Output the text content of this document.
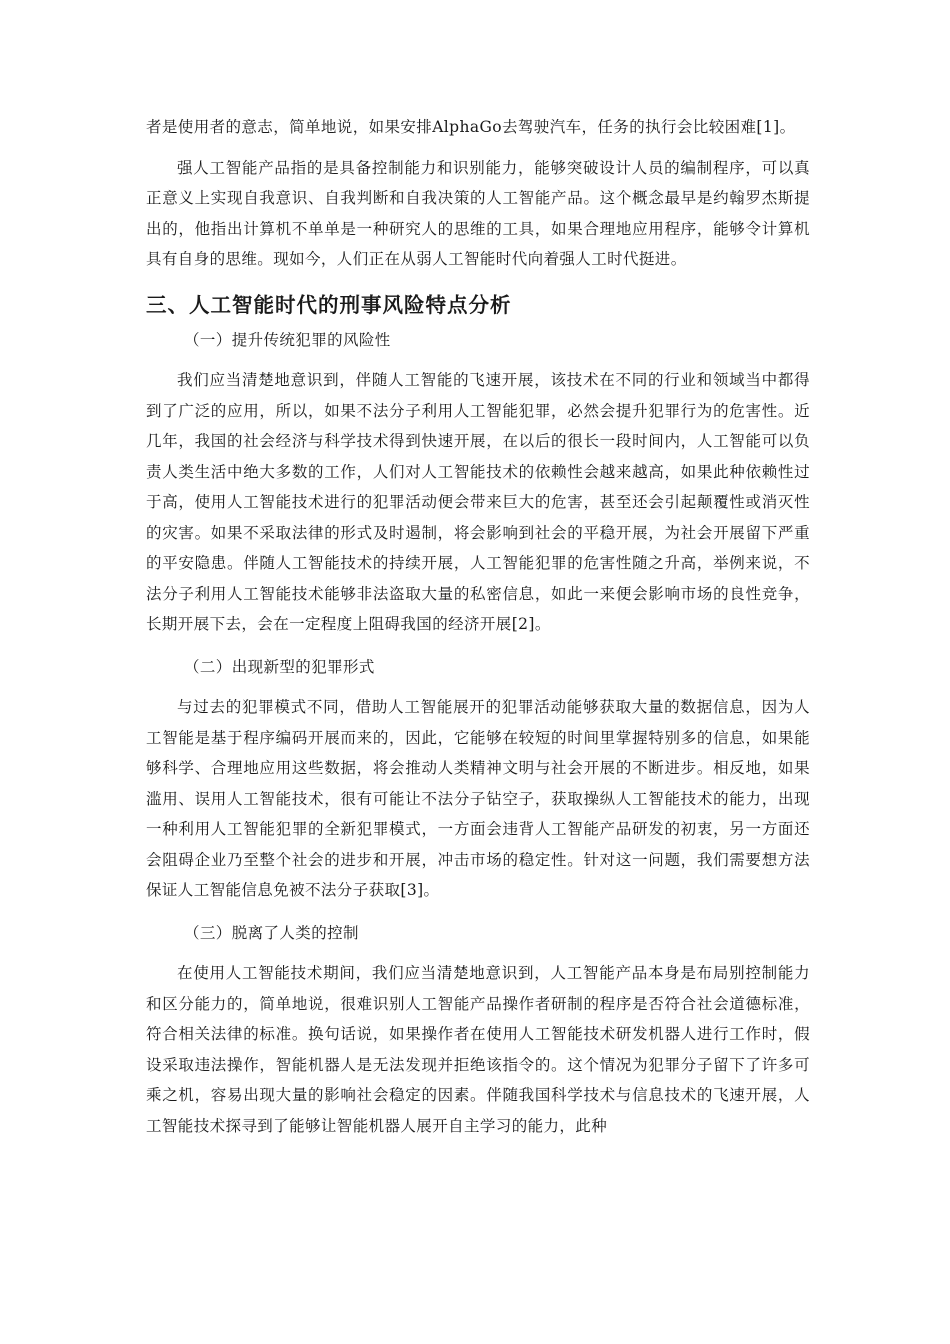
者是使用者的意志，简单地说，如果安排AlphaGo去驾驶汽车，任务的执行会比较困难[1]。

强人工智能产品指的是具备控制能力和识别能力，能够突破设计人员的编制程序，可以真正意义上实现自我意识、自我判断和自我决策的人工智能产品。这个概念最早是约翰罗杰斯提出的，他指出计算机不单单是一种研究人的思维的工具，如果合理地应用程序，能够令计算机具有自身的思维。现如今，人们正在从弱人工智能时代向着强人工时代挺进。

三、人工智能时代的刑事风险特点分析

（一）提升传统犯罪的风险性

我们应当清楚地意识到，伴随人工智能的飞速开展，该技术在不同的行业和领域当中都得到了广泛的应用，所以，如果不法分子利用人工智能犯罪，必然会提升犯罪行为的危害性。近几年，我国的社会经济与科学技术得到快速开展，在以后的很长一段时间内，人工智能可以负责人类生活中绝大多数的工作，人们对人工智能技术的依赖性会越来越高，如果此种依赖性过于高，使用人工智能技术进行的犯罪活动便会带来巨大的危害，甚至还会引起颠覆性或消灭性的灾害。如果不采取法律的形式及时遏制，将会影响到社会的平稳开展，为社会开展留下严重的平安隐患。伴随人工智能技术的持续开展，人工智能犯罪的危害性随之升高，举例来说，不法分子利用人工智能技术能够非法盗取大量的私密信息，如此一来便会影响市场的良性竞争，长期开展下去，会在一定程度上阻碍我国的经济开展[2]。

（二）出现新型的犯罪形式

与过去的犯罪模式不同，借助人工智能展开的犯罪活动能够获取大量的数据信息，因为人工智能是基于程序编码开展而来的，因此，它能够在较短的时间里掌握特别多的信息，如果能够科学、合理地应用这些数据，将会推动人类精神文明与社会开展的不断进步。相反地，如果滥用、误用人工智能技术，很有可能让不法分子钻空子，获取操纵人工智能技术的能力，出现一种利用人工智能犯罪的全新犯罪模式，一方面会违背人工智能产品研发的初衷，另一方面还会阻碍企业乃至整个社会的进步和开展，冲击市场的稳定性。针对这一问题，我们需要想方法保证人工智能信息免被不法分子获取[3]。

（三）脱离了人类的控制

在使用人工智能技术期间，我们应当清楚地意识到，人工智能产品本身是布局别控制能力和区分能力的，简单地说，很难识别人工智能产品操作者研制的程序是否符合社会道德标准，符合相关法律的标准。换句话说，如果操作者在使用人工智能技术研发机器人进行工作时，假设采取违法操作，智能机器人是无法发现并拒绝该指令的。这个情况为犯罪分子留下了许多可乘之机，容易出现大量的影响社会稳定的因素。伴随我国科学技术与信息技术的飞速开展，人工智能技术探寻到了能够让智能机器人展开自主学习的能力，此种
